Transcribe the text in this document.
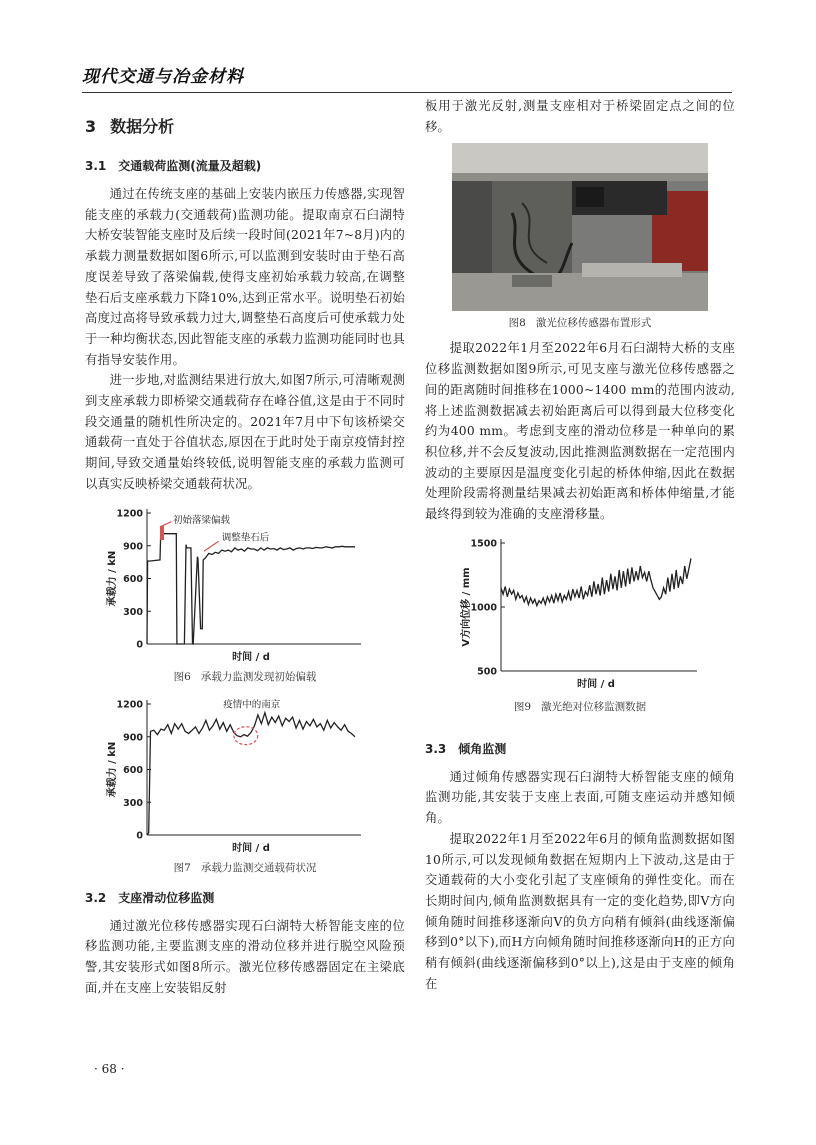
现代交通与冶金材料
3 数据分析
3.1 交通载荷监测(流量及超载)

通过在传统支座的基础上安装内嵌压力传感器,实现智能支座的承载力(交通载荷)监测功能。提取南京石臼湖特大桥安装智能支座时及后续一段时间(2021年7~8月)内的承载力测量数据如图6所示,可以监测到安装时由于垫石高度误差导致了落梁偏载,使得支座初始承载力较高,在调整垫石后支座承载力下降10%,达到正常水平。说明垫石初始高度过高将导致承载力过大,调整垫石高度后可使承载力处于一种均衡状态,因此智能支座的承载力监测功能同时也具有指导安装作用。

进一步地,对监测结果进行放大,如图7所示,可清晰观测到支座承载力即桥梁交通载荷存在峰谷值,这是由于不同时段交通量的随机性所决定的。2021年7月中下旬该桥梁交通载荷一直处于谷值状态,原因在于此时处于南京疫情封控期间,导致交通量始终较低,说明智能支座的承载力监测可以真实反映桥梁交通载荷状况。

0
300
600
900
1200
时间 / d
承载力 / kN
初始落梁偏载
调整垫石后
图6 承载力监测发现初始偏载
0
300
600
900
1200
时间 / d
承载力 / kN
疫情中的南京
图7 承载力监测交通载荷状况
3.2 支座滑动位移监测

通过激光位移传感器实现石臼湖特大桥智能支座的位移监测功能,主要监测支座的滑动位移并进行脱空风险预警,其安装形式如图8所示。激光位移传感器固定在主梁底面,并在支座上安装铝反射

板用于激光反射,测量支座相对于桥梁固定点之间的位移。

图8 激光位移传感器布置形式

提取2022年1月至2022年6月石臼湖特大桥的支座位移监测数据如图9所示,可见支座与激光位移传感器之间的距离随时间推移在1000~1400 mm的范围内波动,将上述监测数据减去初始距离后可以得到最大位移变化约为400 mm。考虑到支座的滑动位移是一种单向的累积位移,并不会反复波动,因此推测监测数据在一定范围内波动的主要原因是温度变化引起的桥体伸缩,因此在数据处理阶段需将测量结果减去初始距离和桥体伸缩量,才能最终得到较为准确的支座滑移量。

500
1000
1500
时间 / d
V方向位移 / mm
图9 激光绝对位移监测数据
3.3 倾角监测

通过倾角传感器实现石臼湖特大桥智能支座的倾角监测功能,其安装于支座上表面,可随支座运动并感知倾角。

提取2022年1月至2022年6月的倾角监测数据如图10所示,可以发现倾角数据在短期内上下波动,这是由于交通载荷的大小变化引起了支座倾角的弹性变化。而在长期时间内,倾角监测数据具有一定的变化趋势,即V方向倾角随时间推移逐渐向V的负方向稍有倾斜(曲线逐渐偏移到0°以下),而H方向倾角随时间推移逐渐向H的正方向稍有倾斜(曲线逐渐偏移到0°以上),这是由于支座的倾角在

· 68 ·
